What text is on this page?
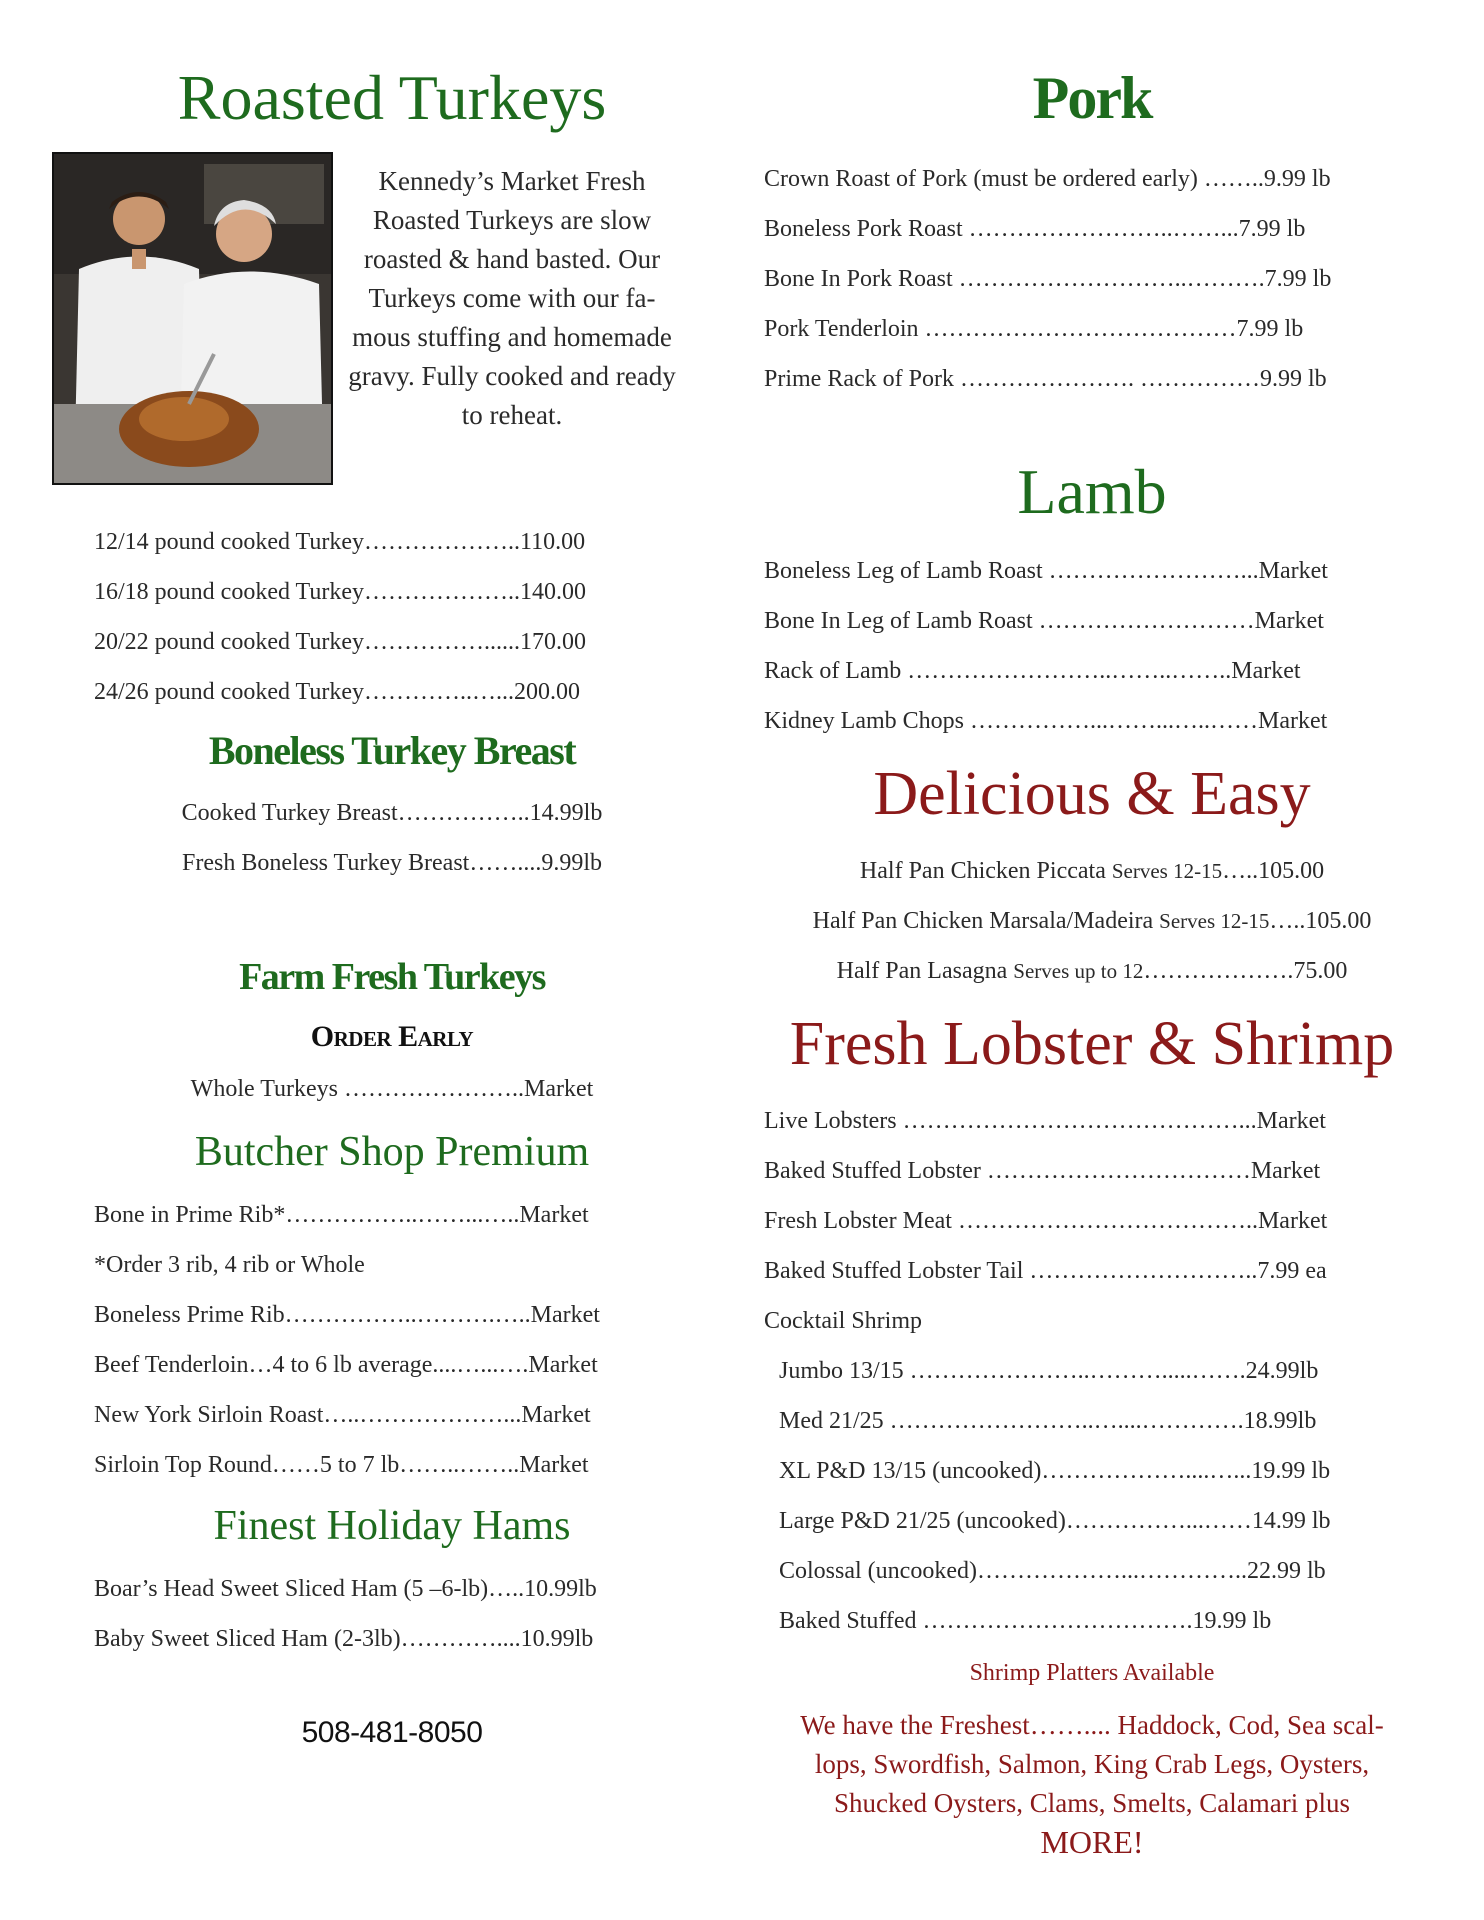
Roasted Turkeys
Kennedy’s Market Fresh
Roasted Turkeys are slow
roasted & hand basted. Our
Turkeys come with our fa-
mous stuffing and homemade
gravy. Fully cooked and ready
to reheat.
12/14 pound cooked Turkey………………..110.00
16/18 pound cooked Turkey………………..140.00
20/22 pound cooked Turkey……………......170.00
24/26 pound cooked Turkey…………..…...200.00
Boneless Turkey Breast
Cooked Turkey Breast……………..14.99lb
Fresh Boneless Turkey Breast……....9.99lb
Farm Fresh Turkeys
Order Early
Whole Turkeys …………………..Market
Butcher Shop Premium
Bone in Prime Rib*……………..……...…..Market
*Order 3 rib, 4 rib or Whole
Boneless Prime Rib……………..……….…..Market
Beef Tenderloin…4 to 6 lb average....…...….Market
New York Sirloin Roast…..………………...Market
Sirloin Top Round……5 to 7 lb……..……..Market
Finest Holiday Hams
Boar’s Head Sweet Sliced Ham (5 –6-lb)…..10.99lb
Baby Sweet Sliced Ham (2-3lb)…………....10.99lb
508-481-8050
Pork
Crown Roast of Pork (must be ordered early) ……..9.99 lb
Boneless Pork Roast ……………………..……...7.99 lb
Bone In Pork Roast ………………………..……….7.99 lb
Pork Tenderloin …………………………………7.99 lb
Prime Rack of Pork …………………. ……………9.99 lb
Lamb
Boneless Leg of Lamb Roast ……………………...Market
Bone In Leg of Lamb Roast ………………………Market
Rack of Lamb ……………………..……..……..Market
Kidney Lamb Chops ……………...……...…..……Market
Delicious & Easy
Half Pan Chicken Piccata Serves 12-15…..105.00
Half Pan Chicken Marsala/Madeira Serves 12-15…..105.00
Half Pan Lasagna Serves up to 12……………….75.00
Fresh Lobster & Shrimp
Live Lobsters ……………………………………...Market
Baked Stuffed Lobster ……………………………Market
Fresh Lobster Meat ………………………………..Market
Baked Stuffed Lobster Tail ………………………..7.99 ea
Cocktail Shrimp
Jumbo 13/15 …………………..……….....…….24.99lb
Med 21/25 ……………………..…....………….18.99lb
XL P&D 13/15 (uncooked)………………....…...19.99 lb
Large P&D 21/25 (uncooked)……………...……14.99 lb
Colossal (uncooked)………………...…………..22.99 lb
Baked Stuffed …………………………….19.99 lb
Shrimp Platters Available
We have the Freshest…….... Haddock, Cod, Sea scal-
lops, Swordfish, Salmon, King Crab Legs, Oysters,
Shucked Oysters, Clams, Smelts, Calamari plus
MORE!
